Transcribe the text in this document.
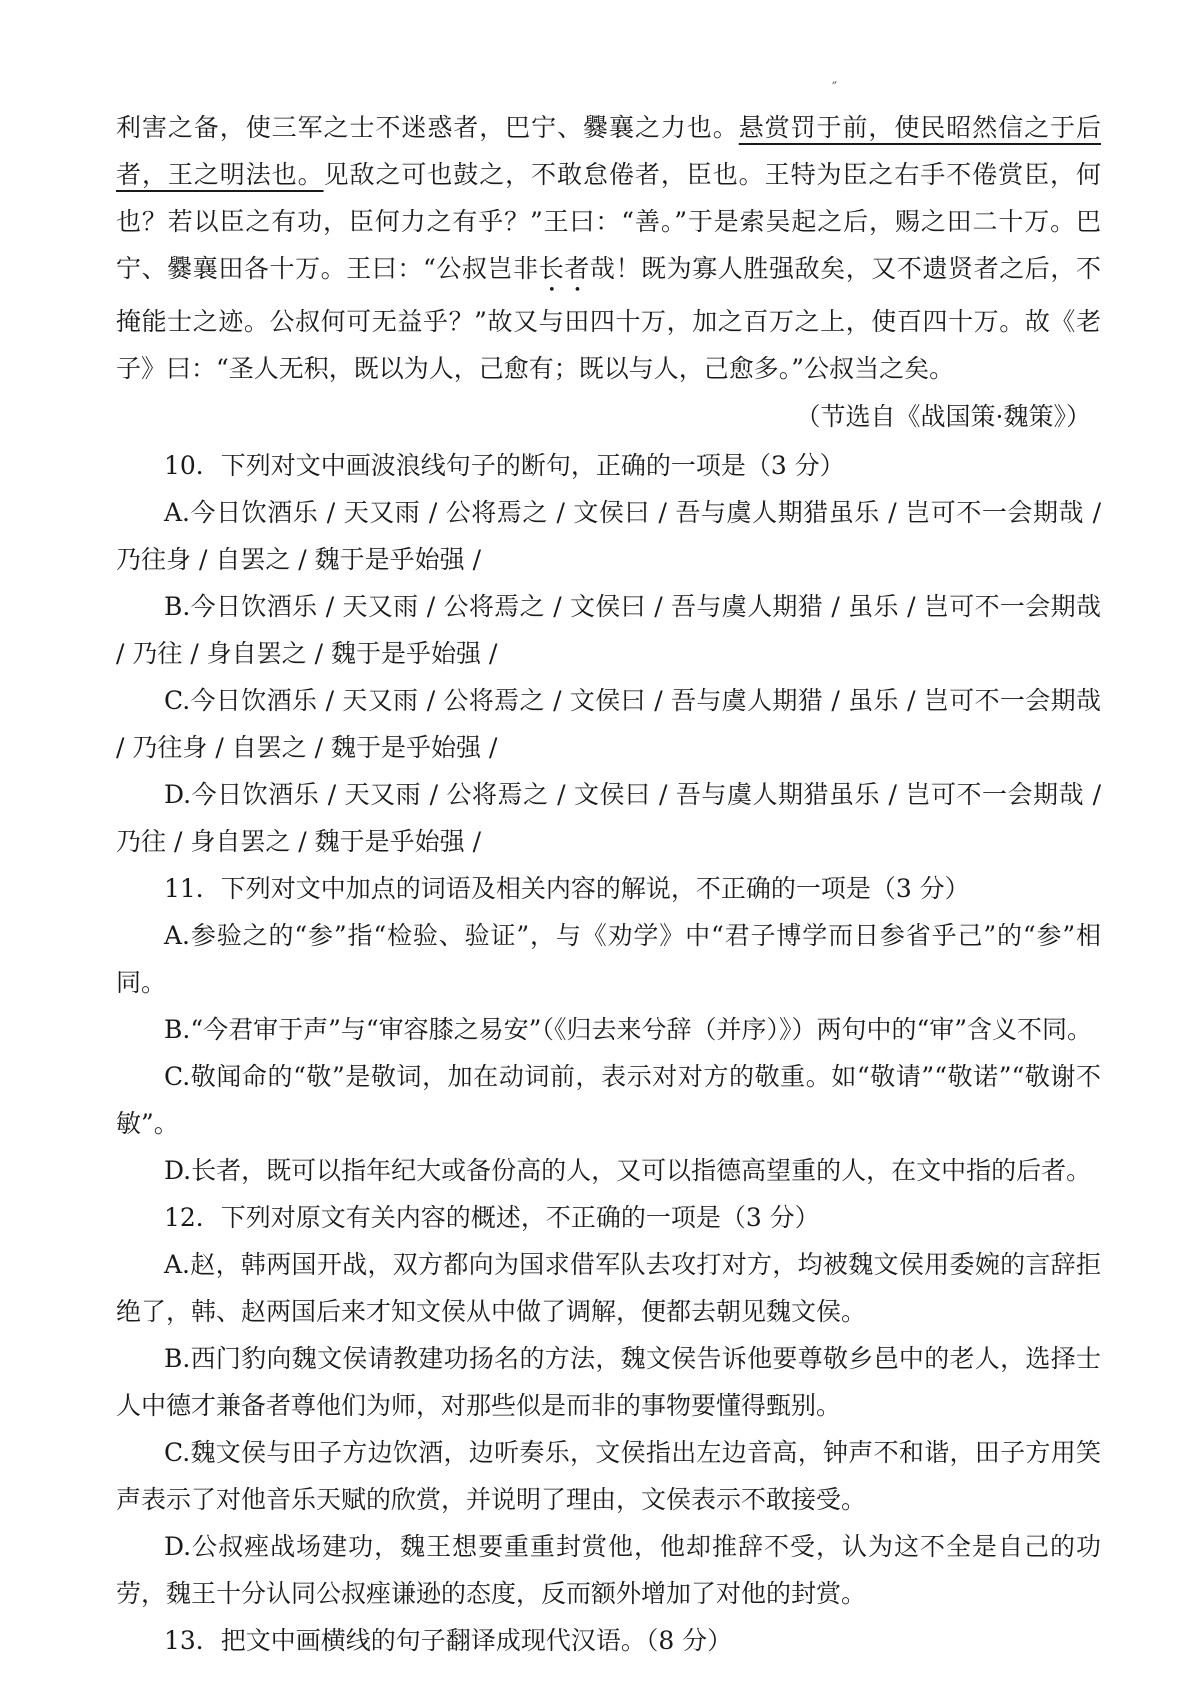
″

利害之备，使三军之士不迷惑者，巴宁、爨襄之力也。悬赏罚于前，使民昭然信之于后者，王之明法也。见敌之可也鼓之，不敢怠倦者，臣也。王特为臣之右手不倦赏臣，何也？若以臣之有功，臣何力之有乎？”王曰：“善。”于是索吴起之后，赐之田二十万。巴宁、爨襄田各十万。王曰：“公叔岂非长者哉！既为寡人胜强敌矣，又不遗贤者之后，不掩能士之迹。公叔何可无益乎？”故又与田四十万，加之百万之上，使百四十万。故《老子》曰：“圣人无积，既以为人，己愈有；既以与人，己愈多。”公叔当之矣。

（节选自《战国策·魏策》）

10．下列对文中画波浪线句子的断句，正确的一项是（3 分）

A.今日饮酒乐 / 天又雨 / 公将焉之 / 文侯曰 / 吾与虞人期猎虽乐 / 岂可不一会期哉 / 乃往身 / 自罢之 / 魏于是乎始强 /

B.今日饮酒乐 / 天又雨 / 公将焉之 / 文侯曰 / 吾与虞人期猎 / 虽乐 / 岂可不一会期哉 / 乃往 / 身自罢之 / 魏于是乎始强 /

C.今日饮酒乐 / 天又雨 / 公将焉之 / 文侯曰 / 吾与虞人期猎 / 虽乐 / 岂可不一会期哉 / 乃往身 / 自罢之 / 魏于是乎始强 /

D.今日饮酒乐 / 天又雨 / 公将焉之 / 文侯曰 / 吾与虞人期猎虽乐 / 岂可不一会期哉 / 乃往 / 身自罢之 / 魏于是乎始强 /

11．下列对文中加点的词语及相关内容的解说，不正确的一项是（3 分）

A.参验之的“参”指“检验、验证”，与《劝学》中“君子博学而日参省乎己”的“参”相同。

B.“今君审于声”与“审容膝之易安”（《归去来兮辞（并序）》）两句中的“审”含义不同。

C.敬闻命的“敬”是敬词，加在动词前，表示对对方的敬重。如“敬请”“敬诺”“敬谢不敏”。

D.长者，既可以指年纪大或备份高的人，又可以指德高望重的人，在文中指的后者。

12．下列对原文有关内容的概述，不正确的一项是（3 分）

A.赵，韩两国开战，双方都向为国求借军队去攻打对方，均被魏文侯用委婉的言辞拒绝了，韩、赵两国后来才知文侯从中做了调解，便都去朝见魏文侯。

B.西门豹向魏文侯请教建功扬名的方法，魏文侯告诉他要尊敬乡邑中的老人，选择士人中德才兼备者尊他们为师，对那些似是而非的事物要懂得甄别。

C.魏文侯与田子方边饮酒，边听奏乐，文侯指出左边音高，钟声不和谐，田子方用笑声表示了对他音乐天赋的欣赏，并说明了理由，文侯表示不敢接受。

D.公叔痤战场建功，魏王想要重重封赏他，他却推辞不受，认为这不全是自己的功劳，魏王十分认同公叔痤谦逊的态度，反而额外增加了对他的封赏。

13．把文中画横线的句子翻译成现代汉语。（8 分）
